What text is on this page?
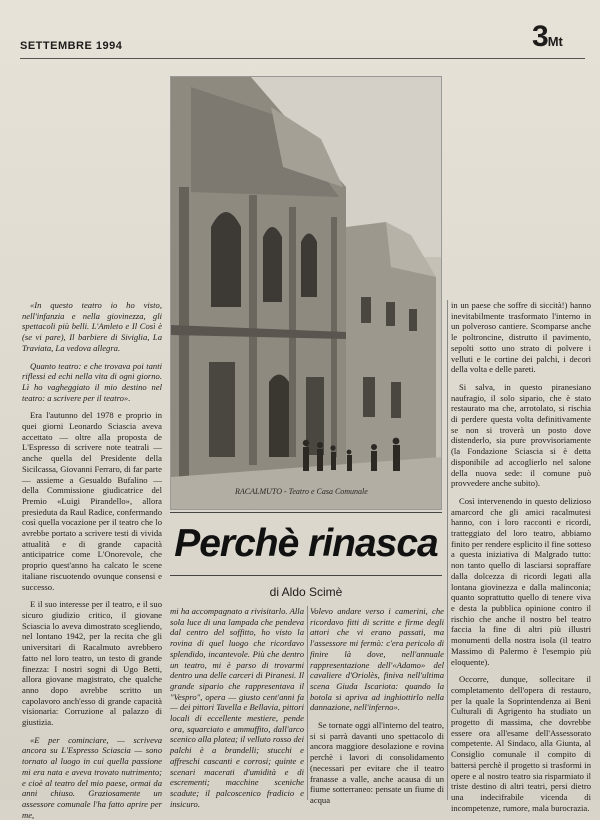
SETTEMBRE 1994	3Mt
RACALMUTO - Teatro e Casa Comunale
Perchè rinasca
di Aldo Scimè

«In questo teatro io ho visto, nell'infanzia e nella giovinezza, gli spettacoli più belli. L'Amleto e Il Così è (se vi pare), Il barbiere di Siviglia, La Traviata, La vedova allegra.

Quanto teatro: e che trovava poi tanti riflessi ed echi nella vita di ogni giorno. Lì ho vagheggiato il mio destino nel teatro: a scrivere per il teatro».

Era l'autunno del 1978 e proprio in quei giorni Leonardo Sciascia aveva accettato — oltre alla proposta de L'Espresso di scrivere note teatrali — anche quella del Presidente della Sicilcassa, Giovanni Ferraro, di far parte — assieme a Gesualdo Bufalino — della Commissione giudicatrice del Premio «Luigi Pirandello», allora presieduta da Raul Radice, confermando così quella vocazione per il teatro che lo avrebbe portato a scrivere testi di vivida attualità e di grande capacità anticipatrice come L'Onorevole, che proprio quest'anno ha calcato le scene italiane riscuotendo ovunque consensi e successo.

E il suo interesse per il teatro, e il suo sicuro giudizio critico, il giovane Sciascia lo aveva dimostrato scegliendo, nel lontano 1942, per la recita che gli universitari di Racalmuto avrebbero fatto nel loro teatro, un testo di grande finezza: I nostri sogni di Ugo Betti, allora giovane magistrato, che qualche anno dopo avrebbe scritto un capolavoro anch'esso di grande capacità visionaria: Corruzione al palazzo di giustizia.

«E per cominciare, — scriveva ancora su L'Espresso Sciascia — sono tornato al luogo in cui quella passione mi era nata e aveva trovato nutrimento; e cioè al teatro del mio paese, ormai da anni chiuso. Graziosamente un assessore comunale l'ha fatto aprire per me,

mi ha accompagnato a rivisitarlo. Alla sola luce di una lampada che pendeva dal centro del soffitto, ho visto la rovina di quel luogo che ricordavo splendido, incantevole. Più che dentro un teatro, mi è parso di trovarmi dentro una delle carceri di Piranesi. Il grande sipario che rappresentava il "Vespro", opera — giusto cent'anni fa — dei pittori Tavella e Bellavia, pittori locali di eccellente mestiere, pende ora, squarciato e ammuffito, dall'arco scenico alla platea; il velluto rosso dei palchi è a brandelli; stucchi e affreschi cascanti e corrosi; quinte e scenari macerati d'umidità e di escrementi; macchine sceniche scadute; il palcoscenico fradicio e insicuro.

Volevo andare verso i camerini, che ricordavo fitti di scritte e firme degli attori che vi erano passati, ma l'assessore mi fermò: c'era pericolo di finire là dove, nell'annuale rappresentazione dell'«Adamo» del cavaliere d'Oriolès, finiva nell'ultima scena Giuda Iscariota: quando la botola si apriva ad inghiottirlo nella dannazione, nell'inferno».

Se tornate oggi all'interno del teatro, si si parrà davanti uno spettacolo di ancora maggiore desolazione e rovina perchè i lavori di consolidamento (necessari per evitare che il teatro franasse a valle, anche acausa di un fiume sotterraneo: pensate un fiume di acqua

in un paese che soffre di siccità!) hanno inevitabilmente trasformato l'interno in un polveroso cantiere. Scomparse anche le poltroncine, distrutto il pavimento, sepolti sotto uno strato di polvere i velluti e le cortine dei palchi, i decori della volta e delle pareti.

Si salva, in questo piranesiano naufragio, il solo sipario, che è stato restaurato ma che, arrotolato, si rischia di perdere questa volta definitivamente se non si troverà un posto dove distenderlo, sia pure provvisoriamente (la Fondazione Sciascia si è detta disponibile ad accoglierlo nel salone della nuova sede: il comune può provvedere anche subito).

Così intervenendo in questo delizioso amarcord che gli amici racalmutesi hanno, con i loro racconti e ricordi, tratteggiato del loro teatro, abbiamo finito per rendere esplicito il fine sotteso a questa iniziativa di Malgrado tutto: non tanto quello di lasciarsi sopraffare dalla dolcezza di ricordi legati alla lontana giovinezza e dalla malinconia; quanto soprattutto quello di tenere viva e desta la pubblica opinione contro il rischio che anche il nostro bel teatro faccia la fine di altri più illustri monumenti della nostra isola (il teatro Massimo di Palermo è l'esempio più eloquente).

Occorre, dunque, sollecitare il completamento dell'opera di restauro, per la quale la Soprintendenza ai Beni Culturali di Agrigento ha studiato un progetto di massima, che dovrebbe essere ora all'esame dell'Assessorato competente. Al Sindaco, alla Giunta, al Consiglio comunale il compito di battersi perchè il progetto si trasformi in opere e al nostro teatro sia risparmiato il triste destino di altri teatri, persi dietro una indecifrabile vicenda di incompetenze, rumore, mala burocrazia.
